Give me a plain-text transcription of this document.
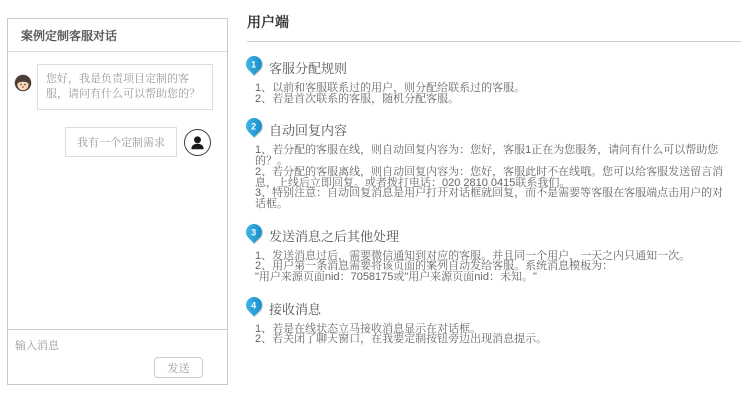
案例定制客服对话
您好，我是负责项目定制的客服，请问有什么可以帮助您的？
我有一个定制需求
输入消息
发送
用户端
1 客服分配规则
1、以前和客服联系过的用户，则分配给联系过的客服。
2、若是首次联系的客服，随机分配客服。
2 自动回复内容
1、若分配的客服在线，则自动回复内容为：您好，客服1正在为您服务，请问有什么可以帮助您的？。
2、若分配的客服离线，则自动回复内容为：您好，客服此时不在线哦。您可以给客服发送留言消息，上线后立即回复。或者拨打电话：020 2810 0415联系我们。
3、特别注意：自动回复消息是用户打开对话框就回复，而不是需要等客服在客服端点击用户的对话框。
3 发送消息之后其他处理
1、发送消息过后，需要微信通知到对应的客服。并且同一个用户，一天之内只通知一次。
2、用户第一条消息需要将该页面的案列自动发给客服。系统消息模板为：
"用户来源页面nid：7058175或"用户来源页面nid：未知。"
4 接收消息
1、若是在线状态立马接收消息显示在对话框。
2、若关闭了聊天窗口，在我要定制按钮旁边出现消息提示。
